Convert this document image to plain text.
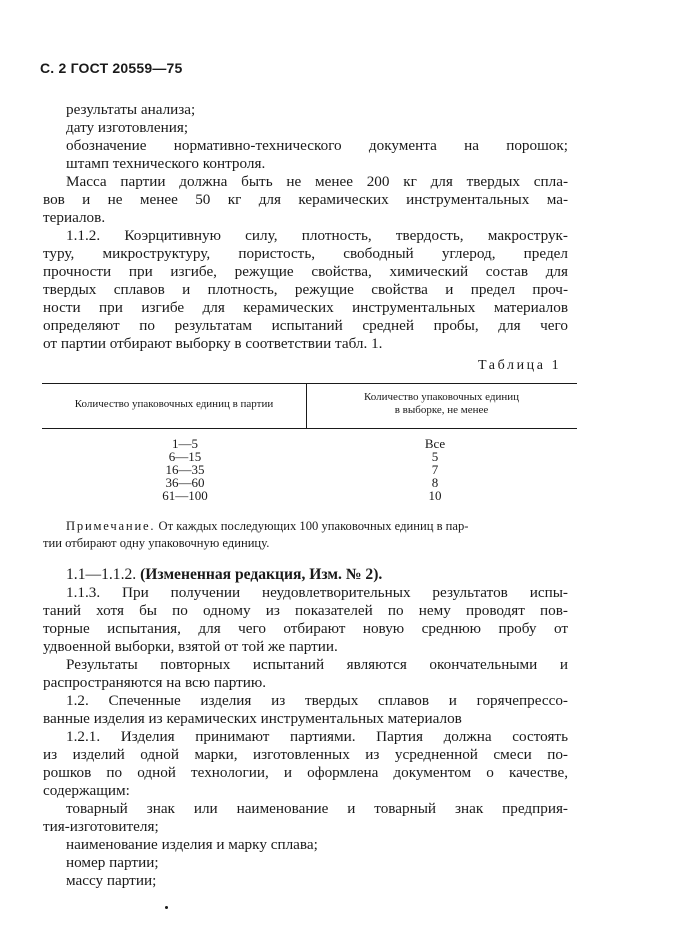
С. 2 ГОСТ 20559—75
результаты анализа;
дату изготовления;
обозначение нормативно-технического документа на порошок;
штамп технического контроля.
Масса партии должна быть не менее 200 кг для твердых спла-
вов и не менее 50 кг для керамических инструментальных ма-
териалов.
1.1.2. Коэрцитивную силу, плотность, твердость, макрострук-
туру, микроструктуру, пористость, свободный углерод, предел
прочности при изгибе, режущие свойства, химический состав для
твердых сплавов и плотность, режущие свойства и предел проч-
ности при изгибе для керамических инструментальных материалов
определяют по результатам испытаний средней пробы, для чего
от партии отбирают выборку в соответствии табл. 1.
Таблица 1
Количество упаковочных единиц в партии
Количество упаковочных единиц
в выборке, не менее
1—5	Все
6—15	5
16—35	7
36—60	8
61—100	10
Примечание. От каждых последующих 100 упаковочных единиц в пар-
тии отбирают одну упаковочную единицу.
1.1—1.1.2. (Измененная редакция, Изм. № 2).
1.1.3. При получении неудовлетворительных результатов испы-
таний хотя бы по одному из показателей по нему проводят пов-
торные испытания, для чего отбирают новую среднюю пробу от
удвоенной выборки, взятой от той же партии.
Результаты повторных испытаний являются окончательными и
распространяются на всю партию.
1.2. Спеченные изделия из твердых сплавов и горячепрессо-
ванные изделия из керамических инструментальных материалов
1.2.1. Изделия принимают партиями. Партия должна состоять
из изделий одной марки, изготовленных из усредненной смеси по-
рошков по одной технологии, и оформлена документом о качестве,
содержащим:
товарный знак или наименование и товарный знак предприя-
тия-изготовителя;
наименование изделия и марку сплава;
номер партии;
массу партии;
